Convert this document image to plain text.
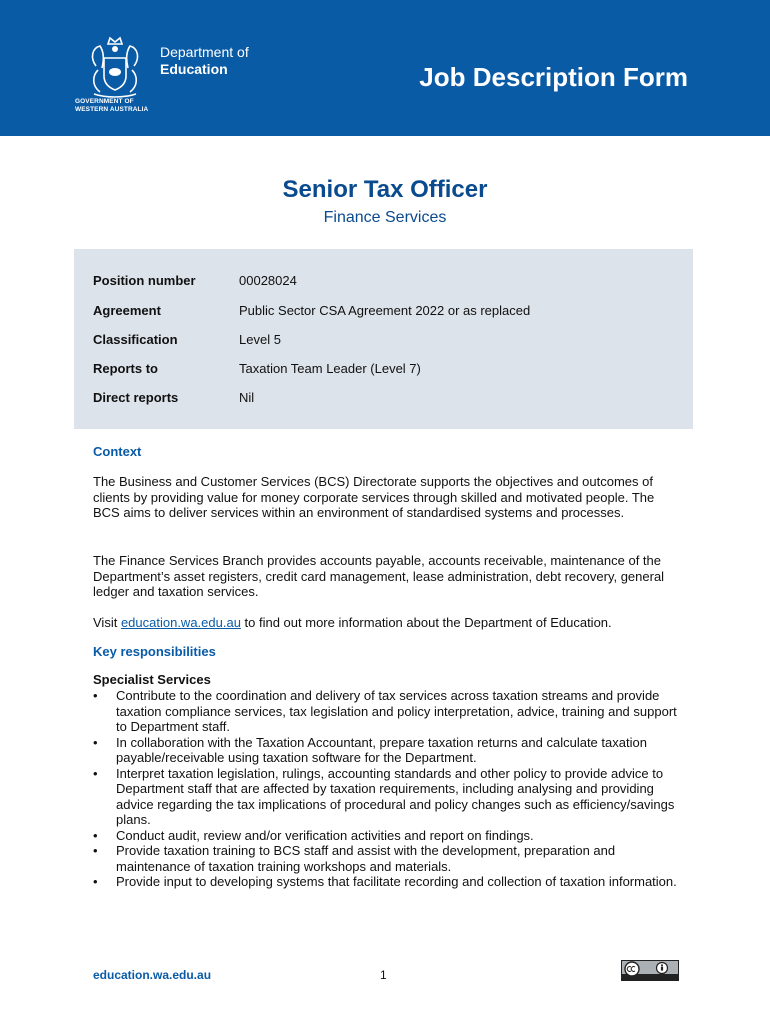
GOVERNMENT OF
WESTERN AUSTRALIA
Department of
Education	Job Description Form
Senior Tax Officer
Finance Services
Position number	00028024
Agreement	Public Sector CSA Agreement 2022 or as replaced
Classification	Level 5
Reports to	Taxation Team Leader (Level 7)
Direct reports	Nil
Context
The Business and Customer Services (BCS) Directorate supports the objectives and outcomes of clients by providing value for money corporate services through skilled and motivated people. The BCS aims to deliver services within an environment of standardised systems and processes.
The Finance Services Branch provides accounts payable, accounts receivable, maintenance of the Department’s asset registers, credit card management, lease administration, debt recovery, general ledger and taxation services.
Visit education.wa.edu.au to find out more information about the Department of Education.
Key responsibilities
Specialist Services
• Contribute to the coordination and delivery of tax services across taxation streams and provide taxation compliance services, tax legislation and policy interpretation, advice, training and support to Department staff.
• In collaboration with the Taxation Accountant, prepare taxation returns and calculate taxation payable/receivable using taxation software for the Department.
• Interpret taxation legislation, rulings, accounting standards and other policy to provide advice to Department staff that are affected by taxation requirements, including analysing and providing advice regarding the tax implications of procedural and policy changes such as efficiency/savings plans.
• Conduct audit, review and/or verification activities and report on findings.
• Provide taxation training to BCS staff and assist with the development, preparation and maintenance of taxation training workshops and materials.
• Provide input to developing systems that facilitate recording and collection of taxation information.
education.wa.edu.au	1
